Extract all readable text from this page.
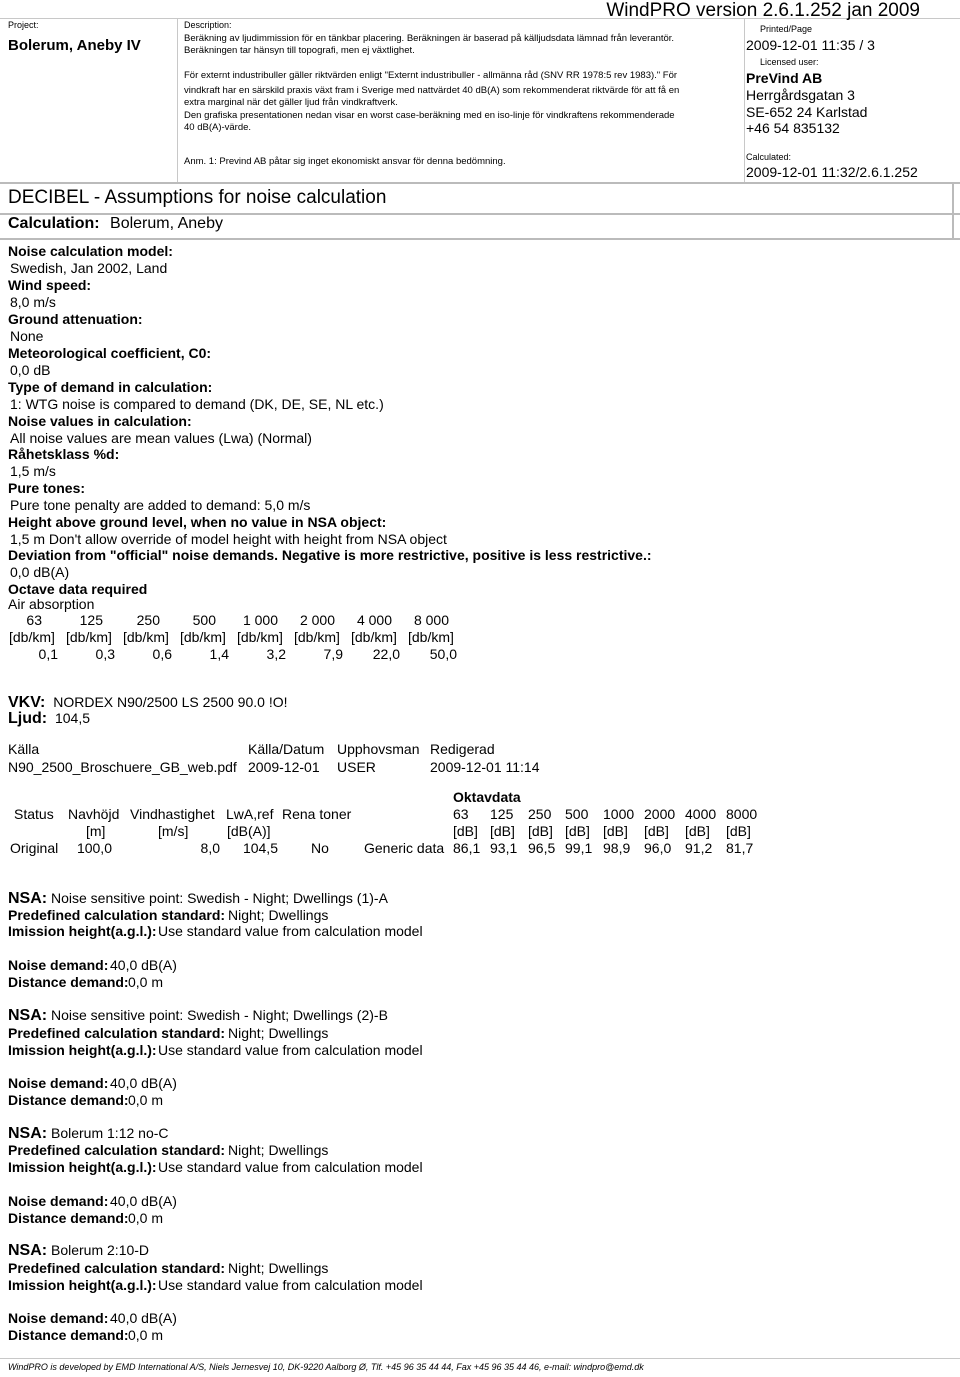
Project:
Bolerum, Aneby IV
Description:
Beräkning av ljudimmission för en tänkbar placering. Beräkningen är baserad på källjudsdata lämnad från leverantör.
Beräkningen tar hänsyn till topografi, men ej växtlighet.
För externt industribuller gäller riktvärden enligt "Externt industribuller - allmänna råd (SNV RR 1978:5 rev 1983)." För
vindkraft har en särskild praxis växt fram i Sverige med nattvärdet 40 dB(A) som rekommenderat riktvärde för att få en
extra marginal när det gäller ljud från vindkraftverk.
Den grafiska presentationen nedan visar en worst case-beräkning med en iso-linje för vindkraftens rekommenderade
40 dB(A)-värde.
Anm. 1: Prevind AB påtar sig inget ekonomiskt ansvar för denna bedömning.
WindPRO version 2.6.1.252 jan 2009
Printed/Page
2009-12-01 11:35 / 3
Licensed user:
PreVind AB
Herrgårdsgatan 3
SE-652 24 Karlstad
+46 54 835132
Calculated:
2009-12-01 11:32/2.6.1.252
DECIBEL - Assumptions for noise calculation
Calculation: Bolerum, Aneby
Noise calculation model:
Swedish, Jan 2002, Land
Wind speed:
8,0 m/s
Ground attenuation:
None
Meteorological coefficient, C0:
0,0 dB
Type of demand in calculation:
1: WTG noise is compared to demand (DK, DE, SE, NL etc.)
Noise values in calculation:
All noise values are mean values (Lwa) (Normal)
Råhetsklass %d:
1,5 m/s
Pure tones:
Pure tone penalty are added to demand: 5,0 m/s
Height above ground level, when no value in NSA object:
1,5 m Don't allow override of model height with height from NSA object
Deviation from "official" noise demands. Negative is more restrictive, positive is less restrictive.:
0,0 dB(A)
Octave data required
Air absorption
63	125	250	500	1 000	2 000	4 000	8 000
[db/km] [db/km] [db/km] [db/km] [db/km] [db/km] [db/km] [db/km]
0,1	0,3	0,6	1,4	3,2	7,9	22,0	50,0
VKV: NORDEX N90/2500 LS 2500 90.0 !O!
Ljud: 104,5
Källa	Källa/Datum Upphovsman Redigerad
N90_2500_Broschuere_GB_web.pdf 2009-12-01 USER	2009-12-01 11:14
Oktavdata
Status Navhöjd Vindhastighet LwA,ref Rena toner	63 125 250 500 1000 2000 4000 8000
[m]	[m/s]	[dB(A)]	[dB] [dB] [dB] [dB] [dB] [dB] [dB] [dB]
Original	100,0	8,0	104,5 No	Generic data 86,1 93,1 96,5 99,1 98,9 96,0 91,2 81,7
NSA: Noise sensitive point: Swedish - Night; Dwellings (1)-A
Predefined calculation standard: Night; Dwellings
Imission height(a.g.l.): Use standard value from calculation model
Noise demand: 40,0 dB(A)
Distance demand: 0,0 m
NSA: Noise sensitive point: Swedish - Night; Dwellings (2)-B
Predefined calculation standard: Night; Dwellings
Imission height(a.g.l.): Use standard value from calculation model
Noise demand: 40,0 dB(A)
Distance demand: 0,0 m
NSA: Bolerum 1:12 no-C
Predefined calculation standard: Night; Dwellings
Imission height(a.g.l.): Use standard value from calculation model
Noise demand: 40,0 dB(A)
Distance demand: 0,0 m
NSA: Bolerum 2:10-D
Predefined calculation standard: Night; Dwellings
Imission height(a.g.l.): Use standard value from calculation model
Noise demand: 40,0 dB(A)
Distance demand: 0,0 m
WindPRO is developed by EMD International A/S, Niels Jernesvej 10, DK-9220 Aalborg Ø, Tlf. +45 96 35 44 44, Fax +45 96 35 44 46, e-mail: windpro@emd.dk
